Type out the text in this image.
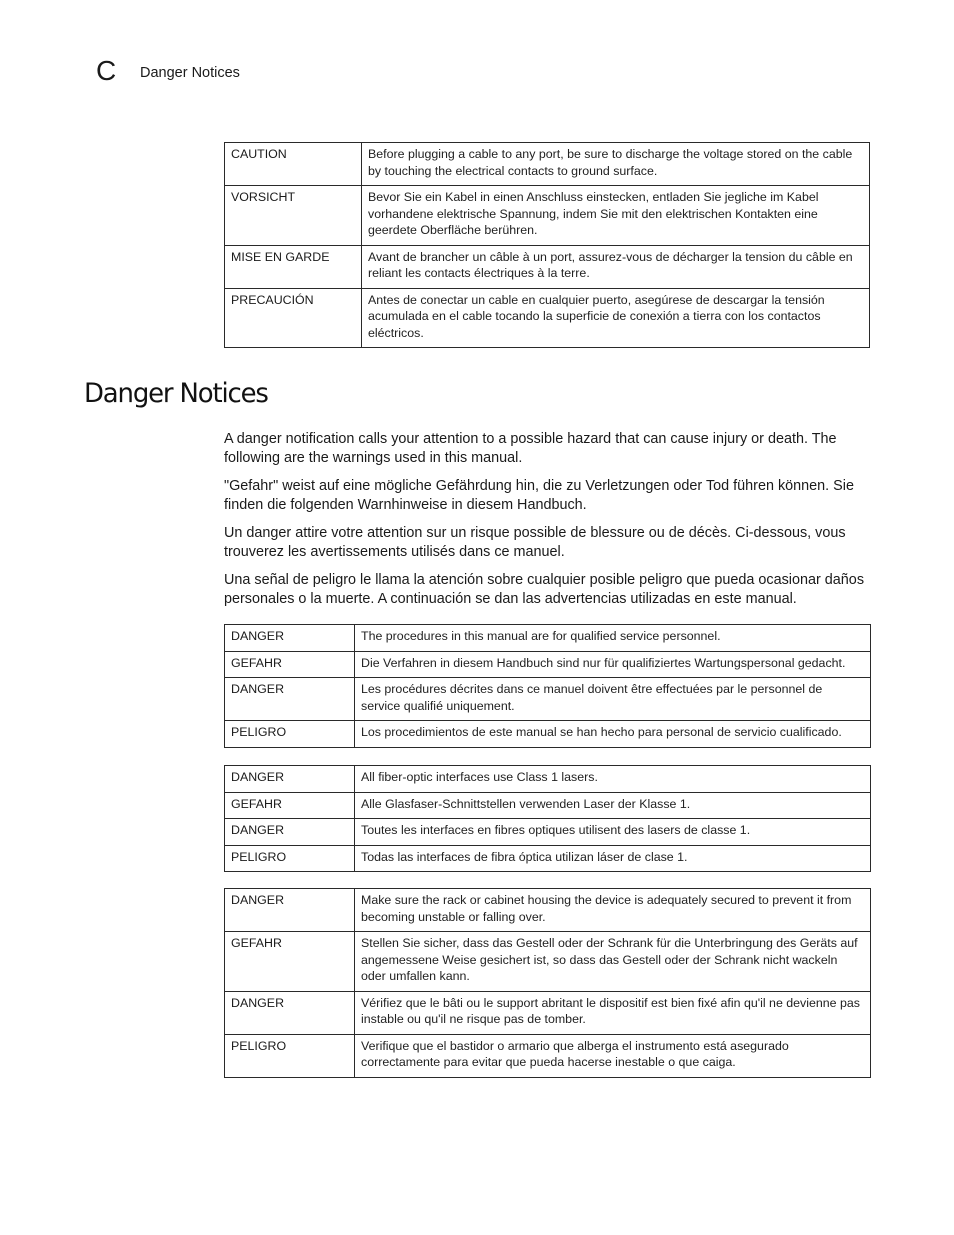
C Danger Notices
CAUTION	Before plugging a cable to any port, be sure to discharge the voltage stored on the cable by touching the electrical contacts to ground surface.
VORSICHT	Bevor Sie ein Kabel in einen Anschluss einstecken, entladen Sie jegliche im Kabel vorhandene elektrische Spannung, indem Sie mit den elektrischen Kontakten eine geerdete Oberfläche berühren.
MISE EN GARDE	Avant de brancher un câble à un port, assurez-vous de décharger la tension du câble en reliant les contacts électriques à la terre.
PRECAUCIÓN	Antes de conectar un cable en cualquier puerto, asegúrese de descargar la tensión acumulada en el cable tocando la superficie de conexión a tierra con los contactos eléctricos.
Danger Notices

A danger notification calls your attention to a possible hazard that can cause injury or death. The following are the warnings used in this manual.

"Gefahr" weist auf eine mögliche Gefährdung hin, die zu Verletzungen oder Tod führen können. Sie finden die folgenden Warnhinweise in diesem Handbuch.

Un danger attire votre attention sur un risque possible de blessure ou de décès. Ci-dessous, vous trouverez les avertissements utilisés dans ce manuel.

Una señal de peligro le llama la atención sobre cualquier posible peligro que pueda ocasionar daños personales o la muerte. A continuación se dan las advertencias utilizadas en este manual.

DANGER	The procedures in this manual are for qualified service personnel.
GEFAHR	Die Verfahren in diesem Handbuch sind nur für qualifiziertes Wartungspersonal gedacht.
DANGER	Les procédures décrites dans ce manuel doivent être effectuées par le personnel de service qualifié uniquement.
PELIGRO	Los procedimientos de este manual se han hecho para personal de servicio cualificado.
DANGER	All fiber-optic interfaces use Class 1 lasers.
GEFAHR	Alle Glasfaser-Schnittstellen verwenden Laser der Klasse 1.
DANGER	Toutes les interfaces en fibres optiques utilisent des lasers de classe 1.
PELIGRO	Todas las interfaces de fibra óptica utilizan láser de clase 1.
DANGER	Make sure the rack or cabinet housing the device is adequately secured to prevent it from becoming unstable or falling over.
GEFAHR	Stellen Sie sicher, dass das Gestell oder der Schrank für die Unterbringung des Geräts auf angemessene Weise gesichert ist, so dass das Gestell oder der Schrank nicht wackeln oder umfallen kann.
DANGER	Vérifiez que le bâti ou le support abritant le dispositif est bien fixé afin qu'il ne devienne pas instable ou qu'il ne risque pas de tomber.
PELIGRO	Verifique que el bastidor o armario que alberga el instrumento está asegurado correctamente para evitar que pueda hacerse inestable o que caiga.
